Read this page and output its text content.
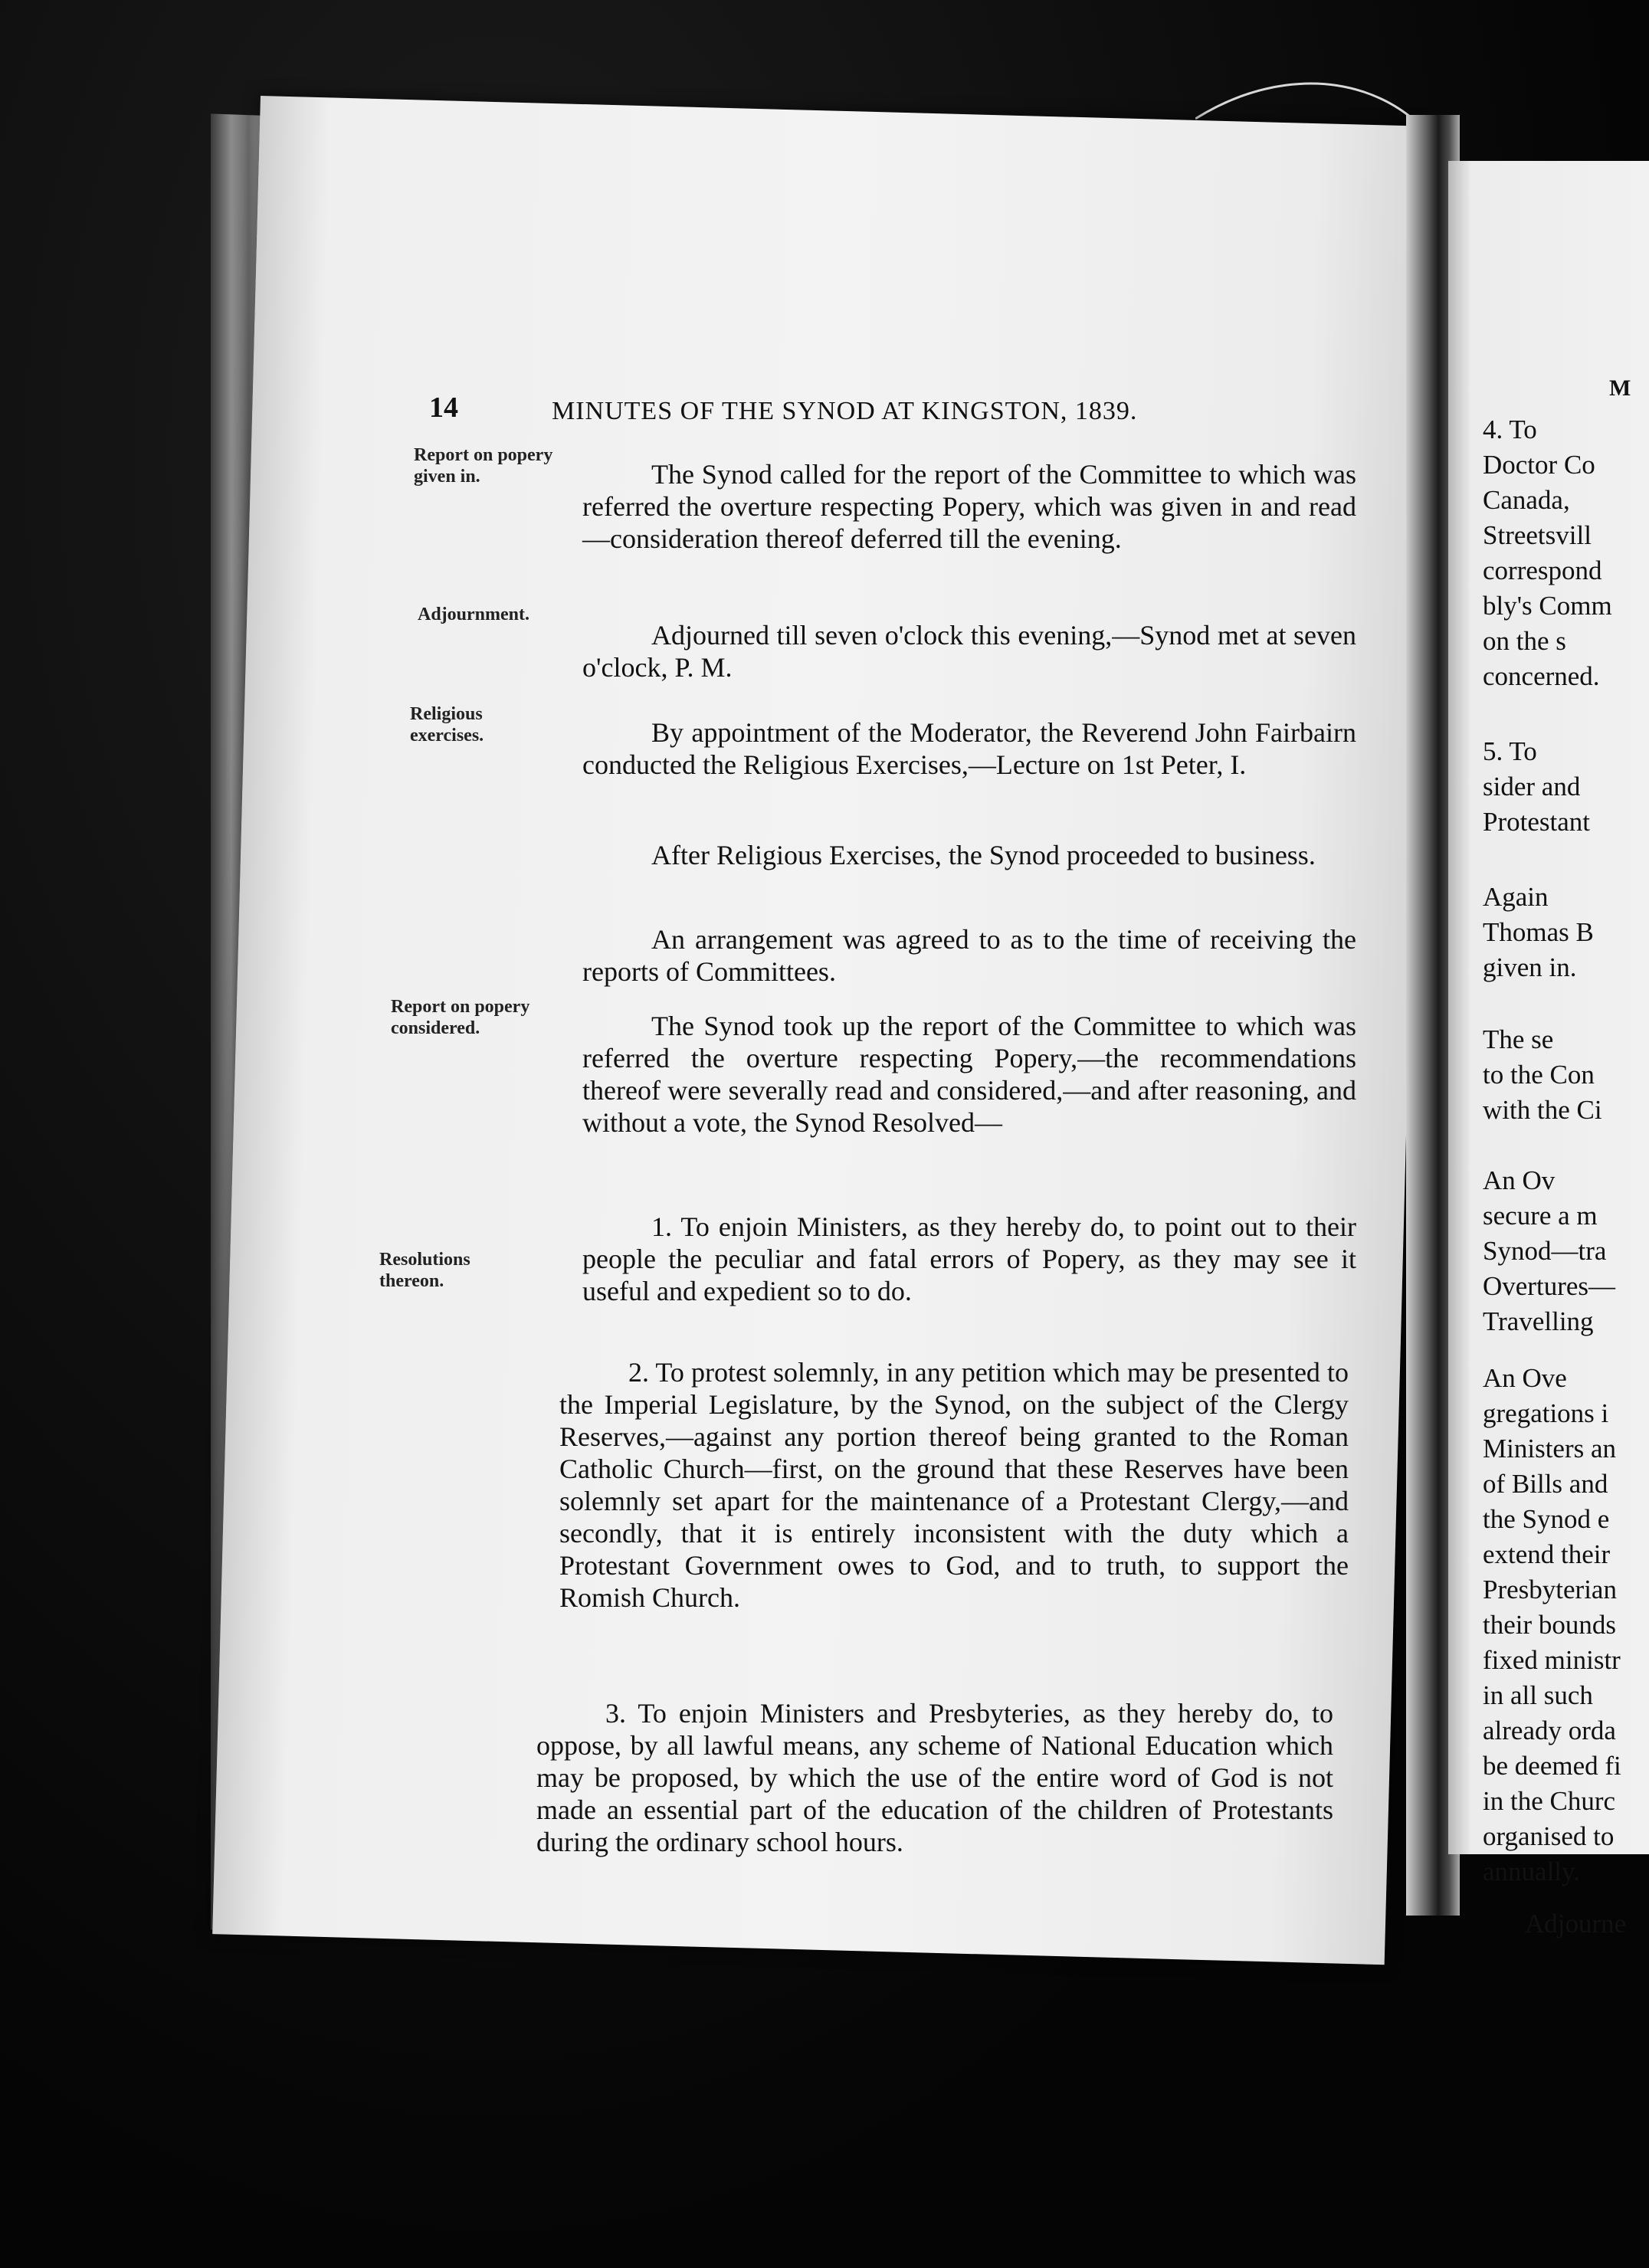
14	MINUTES OF THE SYNOD AT KINGSTON, 1839.
Report on popery given in.
Adjournment.
Religious exercises.
Report on popery considered.
Resolutions thereon.
The Synod called for the report of the Committee to which was referred the overture respecting Popery, which was given in and read—consideration thereof deferred till the evening.
Adjourned till seven o'clock this evening,—Synod met at seven o'clock, P. M.
By appointment of the Moderator, the Reverend John Fairbairn conducted the Religious Exercises,—Lecture on 1st Peter, I.
After Religious Exercises, the Synod proceeded to business.
An arrangement was agreed to as to the time of receiving the reports of Committees.
The Synod took up the report of the Committee to which was referred the overture respecting Popery,—the recommendations thereof were severally read and considered,—and after reasoning, and without a vote, the Synod Resolved—
1. To enjoin Ministers, as they hereby do, to point out to their people the peculiar and fatal errors of Popery, as they may see it useful and expedient so to do.
2. To protest solemnly, in any petition which may be presented to the Imperial Legislature, by the Synod, on the subject of the Clergy Reserves,—against any portion thereof being granted to the Roman Catholic Church—first, on the ground that these Reserves have been solemnly set apart for the maintenance of a Protestant Clergy,—and secondly, that it is entirely inconsistent with the duty which a Protestant Government owes to God, and to truth, to support the Romish Church.
3. To enjoin Ministers and Presbyteries, as they hereby do, to oppose, by all lawful means, any scheme of National Education which may be proposed, by which the use of the entire word of God is not made an essential part of the education of the children of Protestants during the ordinary school hours.
M
4. To
Doctor Co
Canada,
Streetsvill
correspond
bly's Comm
on the s
concerned.
5. To
sider and
Protestant
Again
Thomas B
given in.
The se
to the Con
with the Ci
An Ov
secure a m
Synod—tra
Overtures—
Travelling
An Ove
gregations i
Ministers an
of Bills and
the Synod e
extend their
Presbyterian
their bounds
fixed ministr
in all such
already orda
be deemed fi
in the Churc
organised to
annually.
Adjourne
